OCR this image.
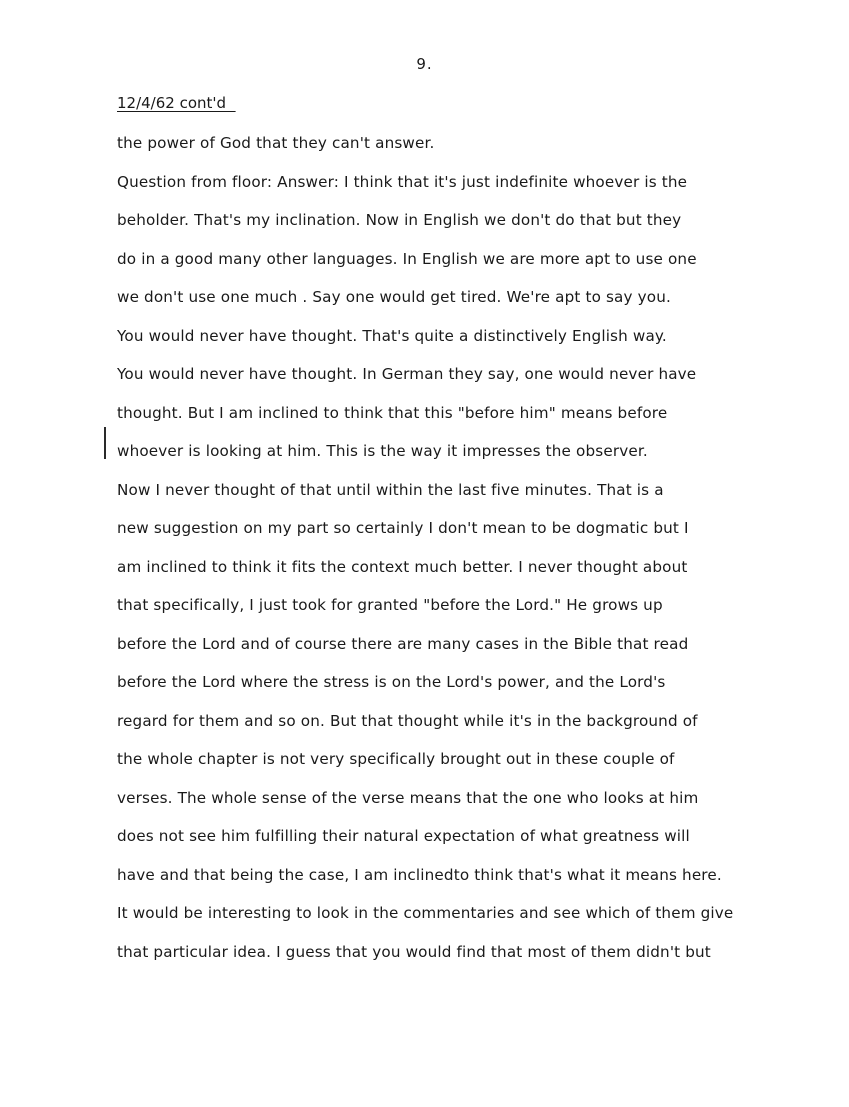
9.
12/4/62 cont'd
the power of God that they can't answer.
Question from floor: Answer: I think that it's just indefinite whoever is the
beholder. That's my inclination. Now in English we don't do that but they
do in a good many other languages. In English we are more apt to use one
we don't use one much . Say one would get tired. We're apt to say you.
You would never have thought. That's quite a distinctively English way.
You would never have thought. In German they say, one would never have
thought. But I am inclined to think that this "before him" means before
whoever is looking at him. This is the way it impresses the observer.
Now I never thought of that until within the last five minutes. That is a
new suggestion on my part so certainly I don't mean to be dogmatic but I
am inclined to think it fits the context much better. I never thought about
that specifically, I just took for granted "before the Lord." He grows up
before the Lord and of course there are many cases in the Bible that read
before the Lord where the stress is on the Lord's power, and the Lord's
regard for them and so on. But that thought while it's in the background of
the whole chapter is not very specifically brought out in these couple of
verses. The whole sense of the verse means that the one who looks at him
does not see him fulfilling their natural expectation of what greatness will
have and that being the case, I am inclinedto think that's what it means here.
It would be interesting to look in the commentaries and see which of them give
that particular idea. I guess that you would find that most of them didn't but
